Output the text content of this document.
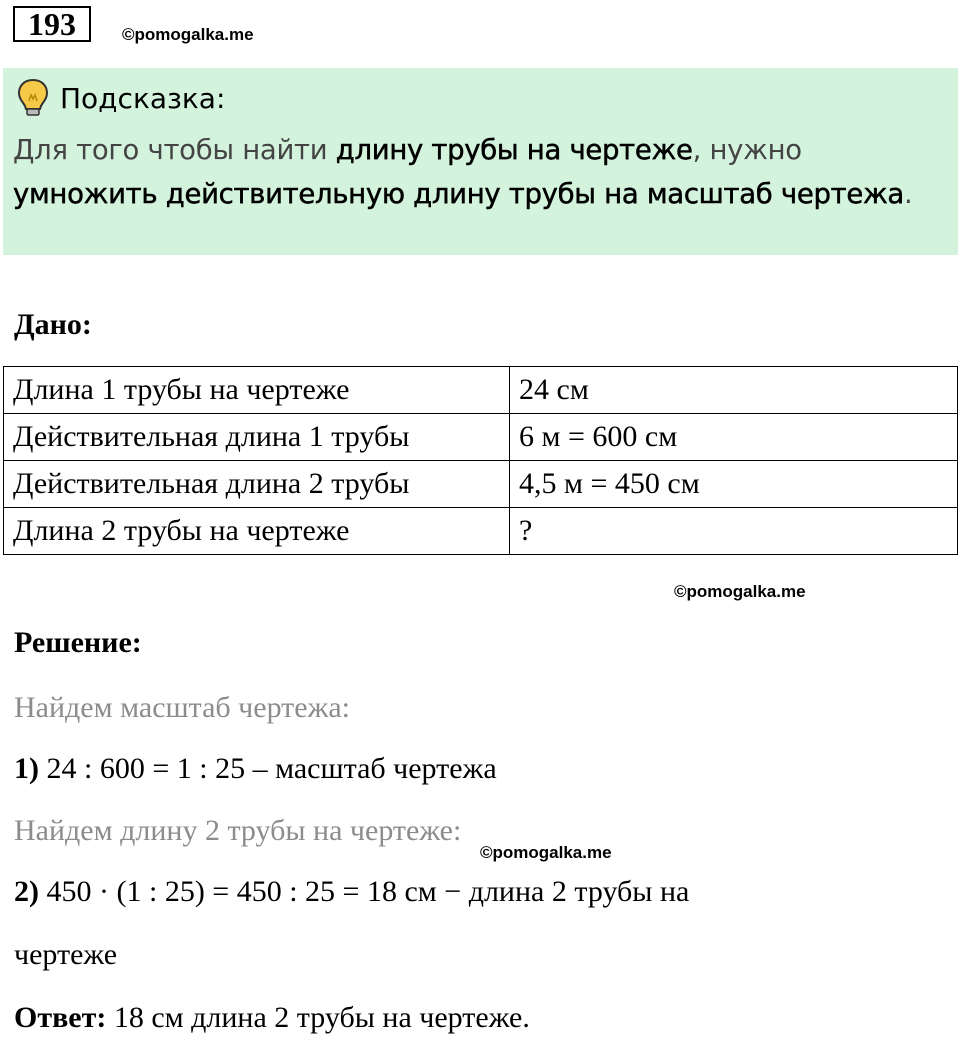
193	©pomogalka.me
Подсказка:
Для того чтобы найти длину трубы на чертеже, нужно умножить действительную длину трубы на масштаб чертежа.
Дано:
Длина 1 трубы на чертеже	24 см
Действительная длина 1 трубы	6 м = 600 см
Действительная длина 2 трубы	4,5 м = 450 см
Длина 2 трубы на чертеже	?
©pomogalka.me
Решение:
Найдем масштаб чертежа:
1) 24 : 600 = 1 : 25 – масштаб чертежа
Найдем длину 2 трубы на чертеже:
©pomogalka.me
2) 450 · (1 : 25) = 450 : 25 = 18 см − длина 2 трубы на
чертеже
Ответ: 18 см длина 2 трубы на чертеже.
